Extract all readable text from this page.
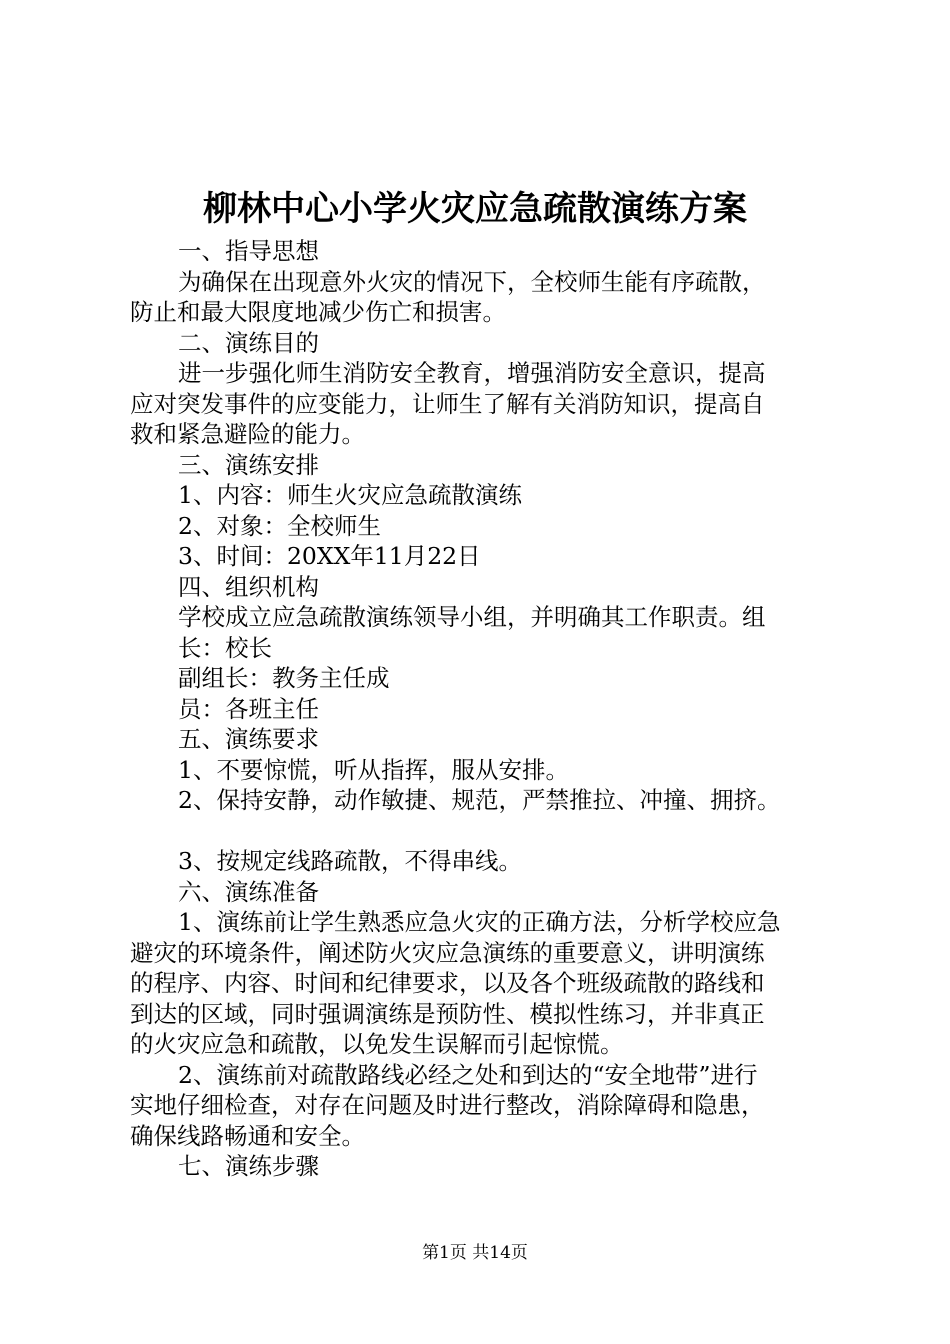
柳林中心小学火灾应急疏散演练方案

一、指导思想

为确保在出现意外火灾的情况下，全校师生能有序疏散，

防止和最大限度地减少伤亡和损害。

二、演练目的

进一步强化师生消防安全教育，增强消防安全意识，提高

应对突发事件的应变能力，让师生了解有关消防知识，提高自

救和紧急避险的能力。

三、演练安排

1、内容：师生火灾应急疏散演练

2、对象：全校师生

3、时间：20XX年11月22日

四、组织机构

学校成立应急疏散演练领导小组，并明确其工作职责。组

长：校长

副组长：教务主任成

员：各班主任

五、演练要求

1、不要惊慌，听从指挥，服从安排。

2、保持安静，动作敏捷、规范，严禁推拉、冲撞、拥挤。

3、按规定线路疏散，不得串线。

六、演练准备

1、演练前让学生熟悉应急火灾的正确方法，分析学校应急

避灾的环境条件，阐述防火灾应急演练的重要意义，讲明演练

的程序、内容、时间和纪律要求，以及各个班级疏散的路线和

到达的区域，同时强调演练是预防性、模拟性练习，并非真正

的火灾应急和疏散，以免发生误解而引起惊慌。

2、演练前对疏散路线必经之处和到达的“安全地带”进行

实地仔细检查，对存在问题及时进行整改，消除障碍和隐患，

确保线路畅通和安全。

七、演练步骤

第1页 共14页
